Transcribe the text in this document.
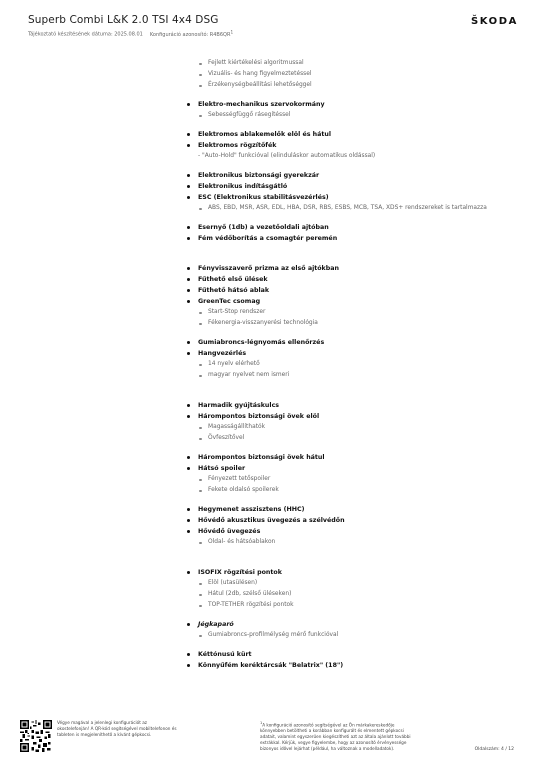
Superb Combi L&K 2.0 TSI 4x4 DSG
Tájékoztató készítésének dátuma: 2025.08.01 Konfiguráció azonosító: $R4B6QR^1$
ŠKODA
Fejlett kiértékelési algoritmussal
Vizuális- és hang figyelmeztetéssel
Érzékenységbeállítási lehetőséggel
Elektro-mechanikus szervokormány
Sebességfüggő rásegítéssel
Elektromos ablakemelők elöl és hátul
Elektromos rögzítőfék
- "Auto-Hold" funkcióval (elinduláskor automatikus oldással)
Elektronikus biztonsági gyerekzár
Elektronikus indításgátló
ESC (Elektronikus stabilitásvezérlés)
ABS, EBD, MSR, ASR, EDL, HBA, DSR, RBS, ESBS, MCB, TSA, XDS+ rendszereket is tartalmazza
Esernyő (1db) a vezetőoldali ajtóban
Fém védőborítás a csomagtér peremén
Fényvisszaverő prizma az első ajtókban
Fűthető első ülések
Fűthető hátsó ablak
GreenTec csomag
Start-Stop rendszer
Fékenergia-visszanyerési technológia
Gumiabroncs-légnyomás ellenőrzés
Hangvezérlés
14 nyelv elérhető
magyar nyelvet nem ismeri
Harmadik gyújtáskulcs
Hárompontos biztonsági övek elöl
Magasságállíthatók
Övfeszítővel
Hárompontos biztonsági övek hátul
Hátsó spoiler
Fényezett tetőspoiler
Fekete oldalsó spoilerek
Hegymenet asszisztens (HHC)
Hővédő akusztikus üvegezés a szélvédőn
Hővédő üvegezés
Oldal- és hátsóablakon
ISOFIX rögzítési pontok
Elöl (utasülésen)
Hátul (2db, szélső üléseken)
TOP-TETHER rögzítési pontok
Jégkaparó
Gumiabroncs-profilmélység mérő funkcióval
Kéttónusú kürt
Könnyűfém keréktárcsák "Belatrix" (18")
Végye magával a jelenlegi konfigurációt az okostelefonján! A QR-kód segítségével mobiltelefonon és tableten is megjeleníthető a kívánt gépkocsi.
$^1$A konfiguráció azonosító segítségével az Ön márkakereskedője könnyebben betöltheti a korábban konfigurált és elmentett gépkocsi adatait, valamint egyszerűen kiegészítheti azt az általa ajánlott további extrákkal. Kérjük, vegye figyelembe, hogy az azonosító érvényessége bizonyos idővel lejárhat (például, ha változnak a modelladatok).	Oldalszám: 4 / 12
